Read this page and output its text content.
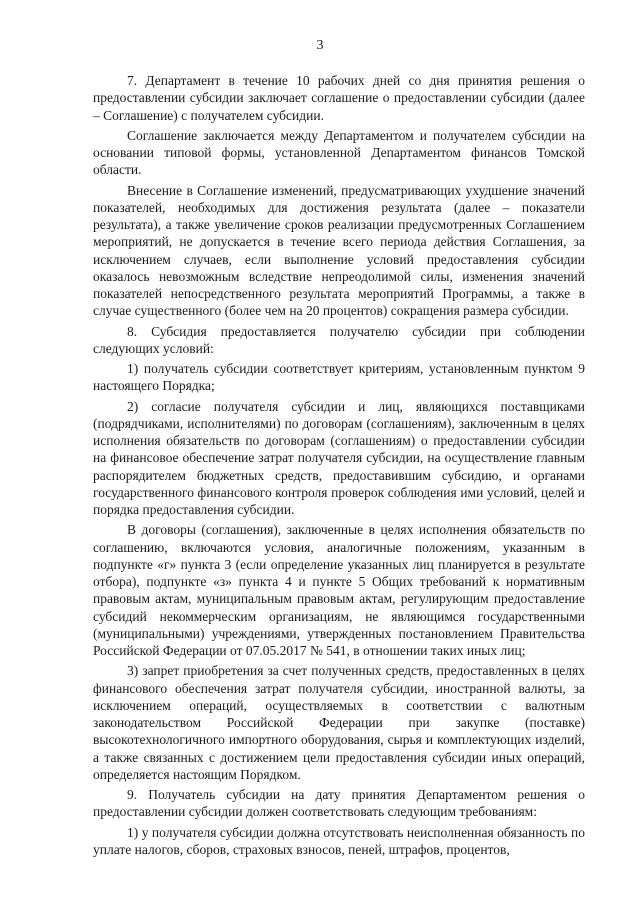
3

7. Департамент в течение 10 рабочих дней со дня принятия решения о предоставлении субсидии заключает соглашение о предоставлении субсидии (далее – Соглашение) с получателем субсидии.

Соглашение заключается между Департаментом и получателем субсидии на основании типовой формы, установленной Департаментом финансов Томской области.

Внесение в Соглашение изменений, предусматривающих ухудшение значений показателей, необходимых для достижения результата (далее – показатели результата), а также увеличение сроков реализации предусмотренных Соглашением мероприятий, не допускается в течение всего периода действия Соглашения, за исключением случаев, если выполнение условий предоставления субсидии оказалось невозможным вследствие непреодолимой силы, изменения значений показателей непосредственного результата мероприятий Программы, а также в случае существенного (более чем на 20 процентов) сокращения размера субсидии.

8. Субсидия предоставляется получателю субсидии при соблюдении следующих условий:

1) получатель субсидии соответствует критериям, установленным пунктом 9 настоящего Порядка;

2) согласие получателя субсидии и лиц, являющихся поставщиками (подрядчиками, исполнителями) по договорам (соглашениям), заключенным в целях исполнения обязательств по договорам (соглашениям) о предоставлении субсидии на финансовое обеспечение затрат получателя субсидии, на осуществление главным распорядителем бюджетных средств, предоставившим субсидию, и органами государственного финансового контроля проверок соблюдения ими условий, целей и порядка предоставления субсидии.

В договоры (соглашения), заключенные в целях исполнения обязательств по соглашению, включаются условия, аналогичные положениям, указанным в подпункте «г» пункта 3 (если определение указанных лиц планируется в результате отбора), подпункте «з» пункта 4 и пункте 5 Общих требований к нормативным правовым актам, муниципальным правовым актам, регулирующим предоставление субсидий некоммерческим организациям, не являющимся государственными (муниципальными) учреждениями, утвержденных постановлением Правительства Российской Федерации от 07.05.2017 № 541, в отношении таких иных лиц;

3) запрет приобретения за счет полученных средств, предоставленных в целях финансового обеспечения затрат получателя субсидии, иностранной валюты, за исключением операций, осуществляемых в соответствии с валютным законодательством Российской Федерации при закупке (поставке) высокотехнологичного импортного оборудования, сырья и комплектующих изделий, а также связанных с достижением цели предоставления субсидии иных операций, определяется настоящим Порядком.

9. Получатель субсидии на дату принятия Департаментом решения о предоставлении субсидии должен соответствовать следующим требованиям:

1) у получателя субсидии должна отсутствовать неисполненная обязанность по уплате налогов, сборов, страховых взносов, пеней, штрафов, процентов,
